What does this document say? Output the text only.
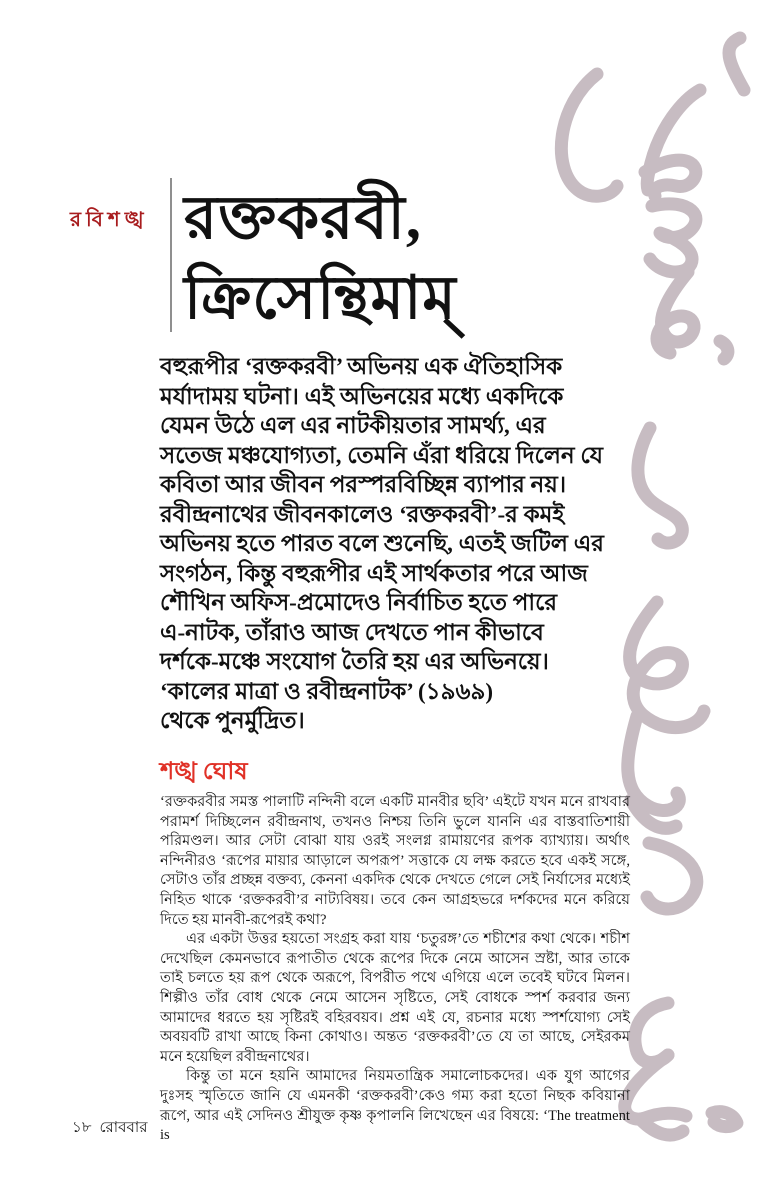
রবিশঙ্খ রক্তকরবী,
ক্রিসেন্থিমাম্
বহুরূপীর ‘রক্তকরবী’ অভিনয় এক ঐতিহাসিক
মর্যাদাময় ঘটনা। এই অভিনয়ের মধ্যে একদিকে
যেমন উঠে এল এর নাটকীয়তার সামর্থ্য, এর
সতেজ মঞ্চযোগ্যতা, তেমনি এঁরা ধরিয়ে দিলেন যে
কবিতা আর জীবন পরস্পরবিচ্ছিন্ন ব্যাপার নয়।
রবীন্দ্রনাথের জীবনকালেও ‘রক্তকরবী’-র কমই
অভিনয় হতে পারত বলে শুনেছি, এতই জটিল এর
সংগঠন, কিন্তু বহুরূপীর এই সার্থকতার পরে আজ
শৌখিন অফিস-প্রমোদেও নির্বাচিত হতে পারে
এ-নাটক, তাঁরাও আজ দেখতে পান কীভাবে
দর্শকে-মঞ্চে সংযোগ তৈরি হয় এর অভিনয়ে।
‘কালের মাত্রা ও রবীন্দ্রনাটক’ (১৯৬৯)
থেকে পুনর্মুদ্রিত।
শঙ্খ ঘোষ

‘রক্তকরবীর সমস্ত পালাটি নন্দিনী বলে একটি মানবীর ছবি’ এইটে যখন মনে রাখবার পরামর্শ দিচ্ছিলেন রবীন্দ্রনাথ, তখনও নিশ্চয় তিনি ভুলে যাননি এর বাস্তবাতিশায়ী পরিমণ্ডল। আর সেটা বোঝা যায় ওরই সংলগ্ন রামায়ণের রূপক ব্যাখ্যায়। অর্থাৎ নন্দিনীরও ‘রূপের মায়ার আড়ালে অপরূপ’ সত্তাকে যে লক্ষ করতে হবে একই সঙ্গে, সেটাও তাঁর প্রচ্ছন্ন বক্তব্য, কেননা একদিক থেকে দেখতে গেলে সেই নির্যাসের মধ্যেই নিহিত থাকে ‘রক্তকরবী’র নাট্যবিষয়। তবে কেন আগ্রহভরে দর্শকদের মনে করিয়ে দিতে হয় মানবী-রূপেরই কথা?

এর একটা উত্তর হয়তো সংগ্রহ করা যায় ‘চতুরঙ্গ’তে শচীশের কথা থেকে। শচীশ দেখেছিল কেমনভাবে রূপাতীত থেকে রূপের দিকে নেমে আসেন স্রষ্টা, আর তাকে তাই চলতে হয় রূপ থেকে অরূপে, বিপরীত পথে এগিয়ে এলে তবেই ঘটবে মিলন। শিল্পীও তাঁর বোধ থেকে নেমে আসেন সৃষ্টিতে, সেই বোধকে স্পর্শ করবার জন্য আমাদের ধরতে হয় সৃষ্টিরই বহিরবয়ব। প্রশ্ন এই যে, রচনার মধ্যে স্পর্শযোগ্য সেই অবয়বটি রাখা আছে কিনা কোথাও। অন্তত ‘রক্তকরবী’তে যে তা আছে, সেইরকম মনে হয়েছিল রবীন্দ্রনাথের।

কিন্তু তা মনে হয়নি আমাদের নিয়মতান্ত্রিক সমালোচকদের। এক যুগ আগের দুঃসহ স্মৃতিতে জানি যে এমনকী ‘রক্তকরবী’কেও গম্য করা হতো নিছক কবিয়ানা রূপে, আর এই সেদিনও শ্রীযুক্ত কৃষ্ণ কৃপালনি লিখেছেন এর বিষয়ে: ‘The treatment is

১৮ রোববার
